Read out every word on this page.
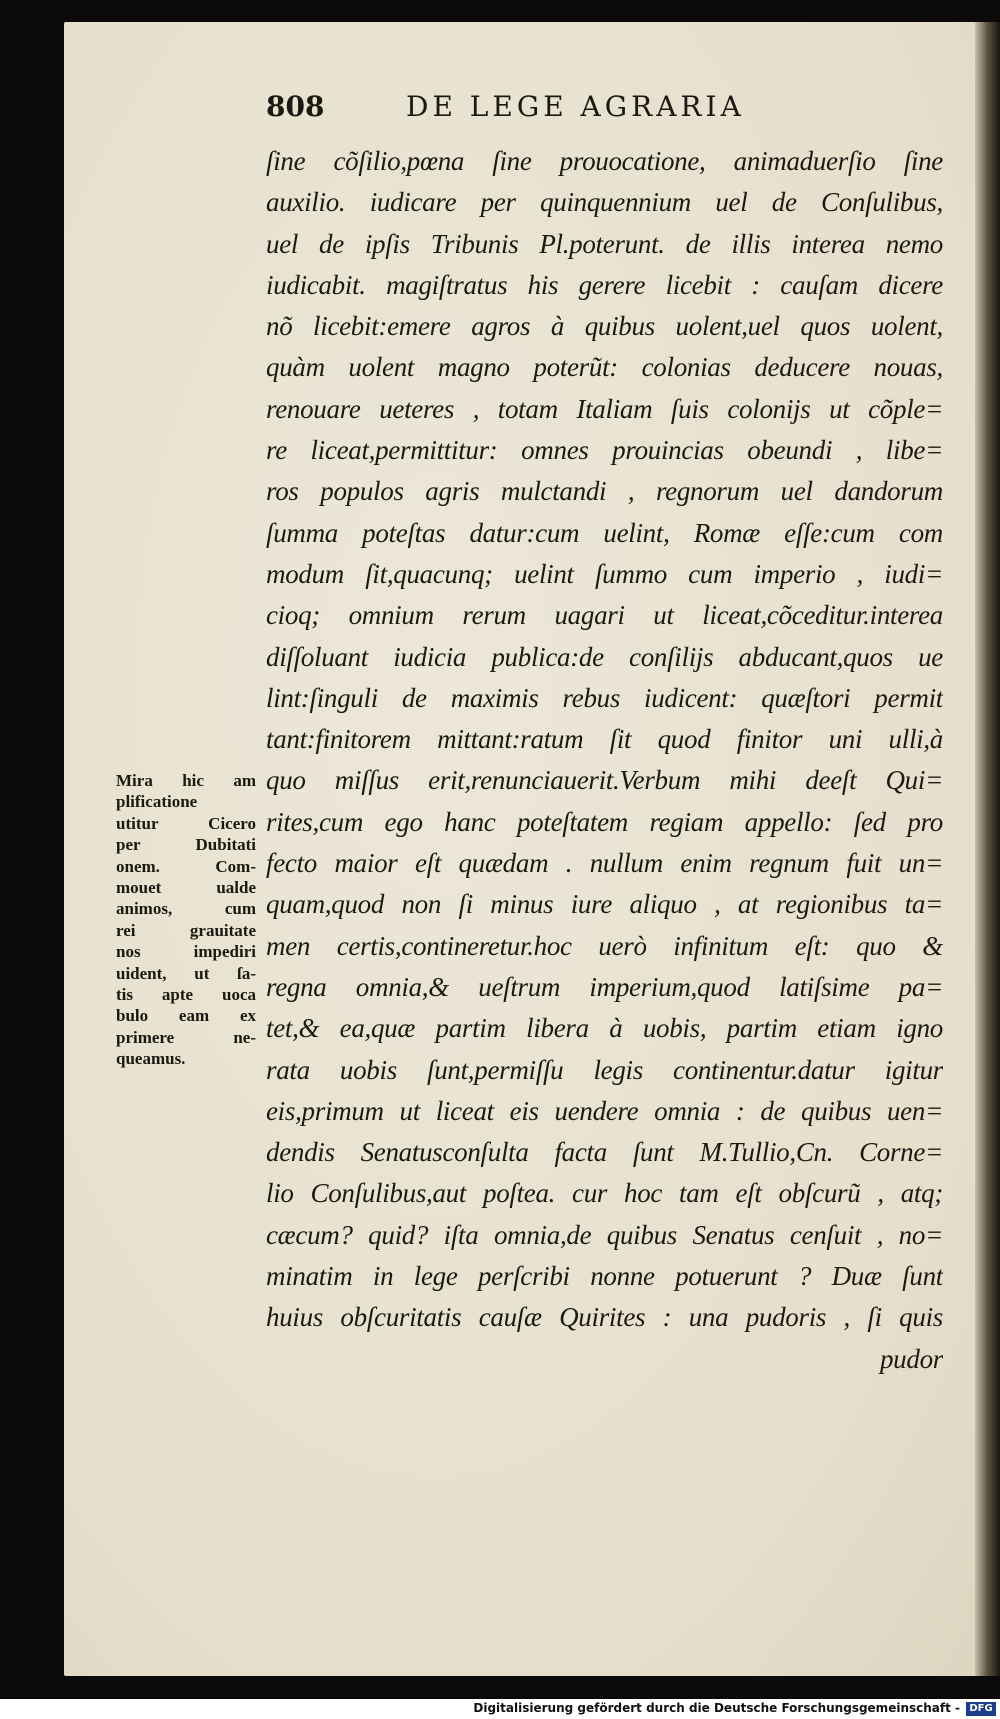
808	DE LEGE AGRARIA
ſine cõſilio,pœna ſine prouocatione, animaduerſio ſine
auxilio. iudicare per quinquennium uel de Conſulibus,
uel de ipſis Tribunis Pl.poterunt. de illis interea nemo
iudicabit. magiſtratus his gerere licebit : cauſam dicere
nõ licebit:emere agros à quibus uolent,uel quos uolent,
quàm uolent magno poterũt: colonias deducere nouas,
renouare ueteres , totam Italiam ſuis colonijs ut cõple=
re liceat,permittitur: omnes prouincias obeundi , libe=
ros populos agris mulctandi , regnorum uel dandorum
ſumma poteſtas datur:cum uelint, Romæ eſſe:cum com
modum ſit,quacunq; uelint ſummo cum imperio , iudi=
cioq; omnium rerum uagari ut liceat,cõceditur.interea
diſſoluant iudicia publica:de conſilijs abducant,quos ue
lint:ſinguli de maximis rebus iudicent: quæſtori permit
tant:finitorem mittant:ratum ſit quod finitor uni ulli,à
quo miſſus erit,renunciauerit.Verbum mihi deeſt Qui=
rites,cum ego hanc poteſtatem regiam appello: ſed pro
fecto maior eſt quædam . nullum enim regnum fuit un=
quam,quod non ſi minus iure aliquo , at regionibus ta=
men certis,contineretur.hoc uerò infinitum eſt: quo &
regna omnia,& ueſtrum imperium,quod latiſsime pa=
tet,& ea,quæ partim libera à uobis, partim etiam igno
rata uobis ſunt,permiſſu legis continentur.datur igitur
eis,primum ut liceat eis uendere omnia : de quibus uen=
dendis Senatusconſulta facta ſunt M.Tullio,Cn. Corne=
lio Conſulibus,aut poſtea. cur hoc tam eſt obſcurũ , atq;
cæcum? quid? iſta omnia,de quibus Senatus cenſuit , no=
minatim in lege perſcribi nonne potuerunt ? Duæ ſunt
huius obſcuritatis cauſæ Quirites : una pudoris , ſi quis
pudor
Mira hic am
plificatione
utitur Cicero
per Dubitati
onem. Com-
mouet ualde
animos, cum
rei grauitate
nos impediri
uident, ut ſa-
tis apte uoca
bulo eam ex
primere ne-
queamus.
Digitalisierung gefördert durch die Deutsche Forschungsgemeinschaft - DFG
